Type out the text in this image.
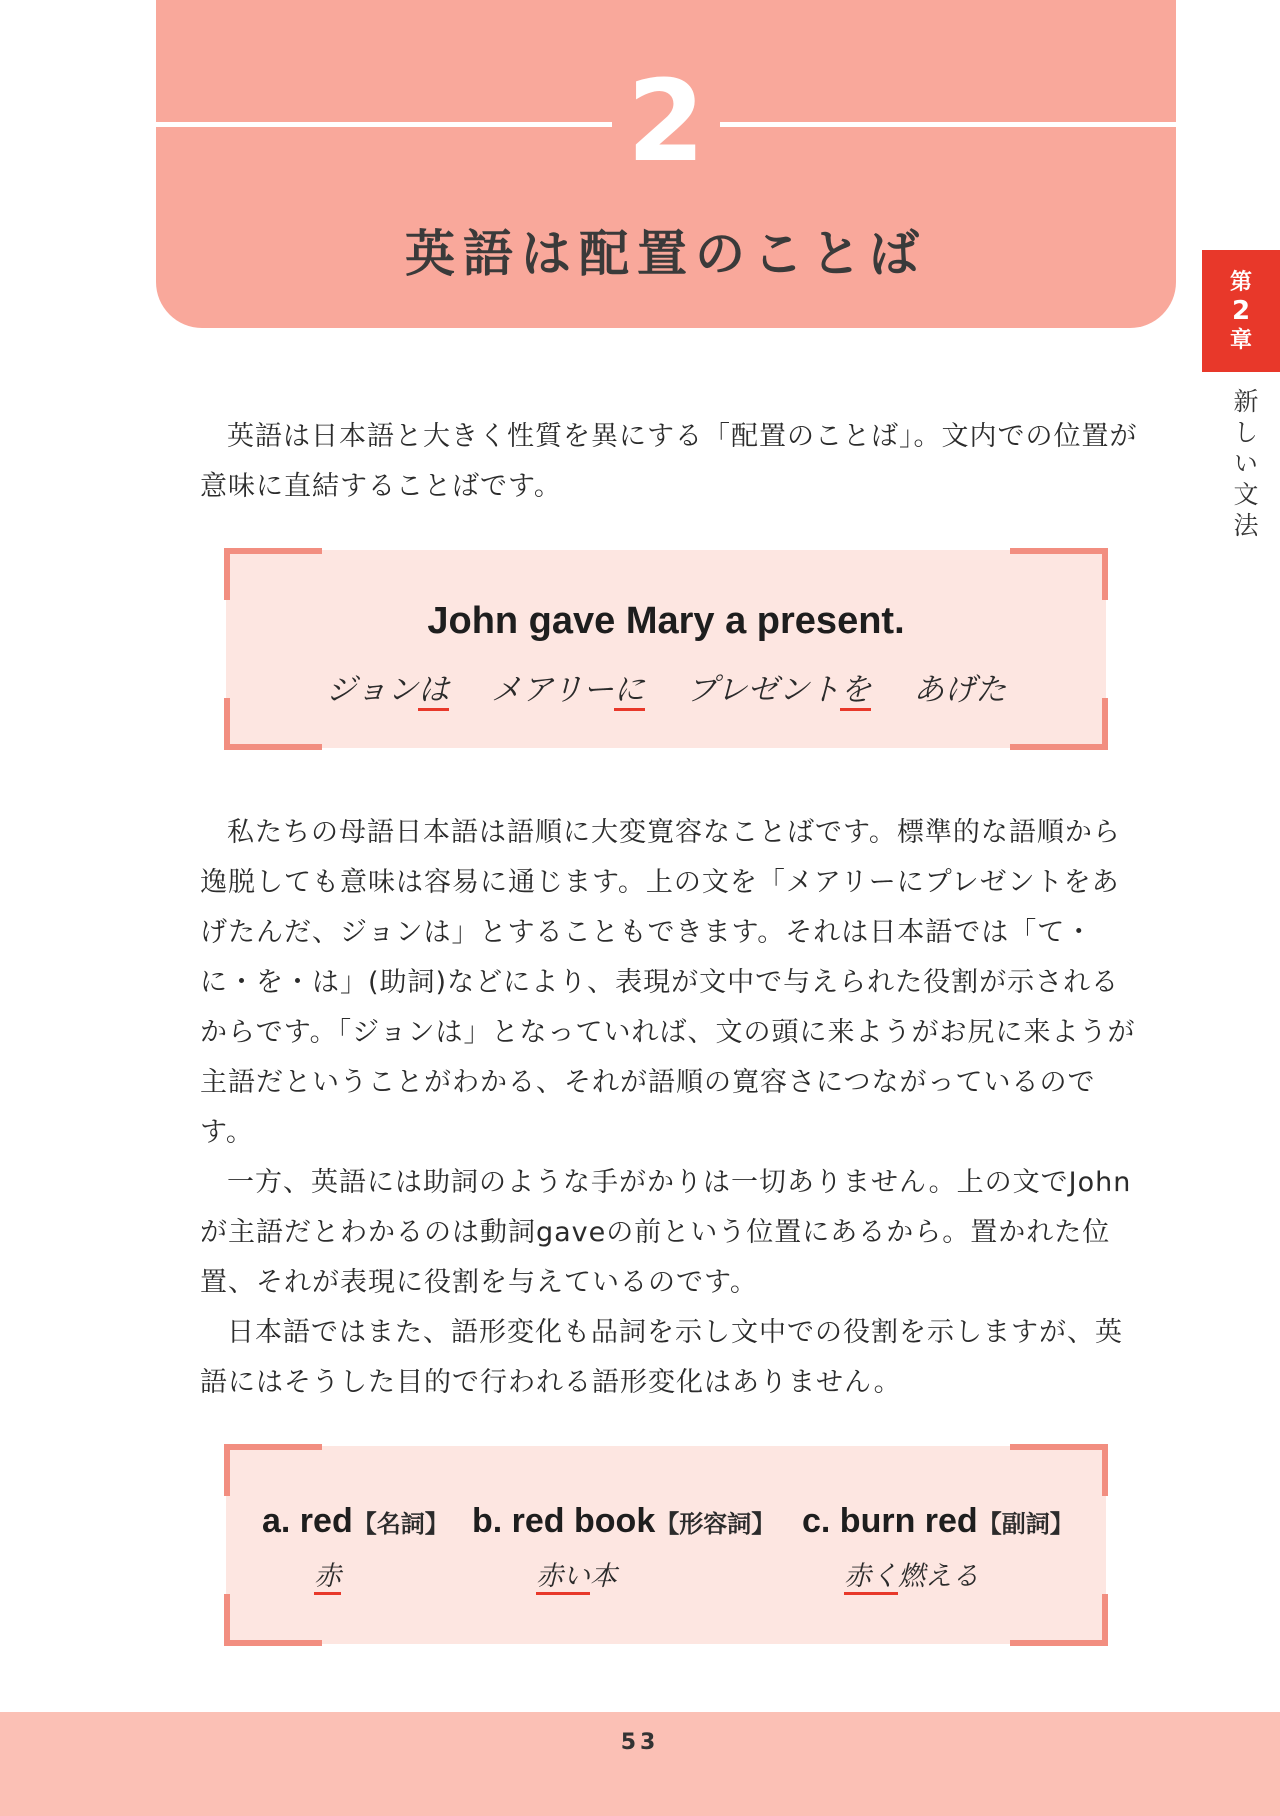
2
英語は配置のことば	第
2
章
新しい文法

英語は日本語と大きく性質を異にする「配置のことば」。文内での位置が意味に直結することばです。

John gave Mary a present.
ジョンは メアリーに プレゼントを あげた

私たちの母語日本語は語順に大変寛容なことばです。標準的な語順から逸脱しても意味は容易に通じます。上の文を「メアリーにプレゼントをあげたんだ、ジョンは」とすることもできます。それは日本語では「て・に・を・は」(助詞)などにより、表現が文中で与えられた役割が示されるからです。「ジョンは」となっていれば、文の頭に来ようがお尻に来ようが主語だということがわかる、それが語順の寛容さにつながっているのです。

一方、英語には助詞のような手がかりは一切ありません。上の文でJohnが主語だとわかるのは動詞gaveの前という位置にあるから。置かれた位置、それが表現に役割を与えているのです。

日本語ではまた、語形変化も品詞を示し文中での役割を示しますが、英語にはそうした目的で行われる語形変化はありません。

a. red【名詞】
赤
b. red book【形容詞】
赤い本
c. burn red【副詞】
赤く燃える
53
